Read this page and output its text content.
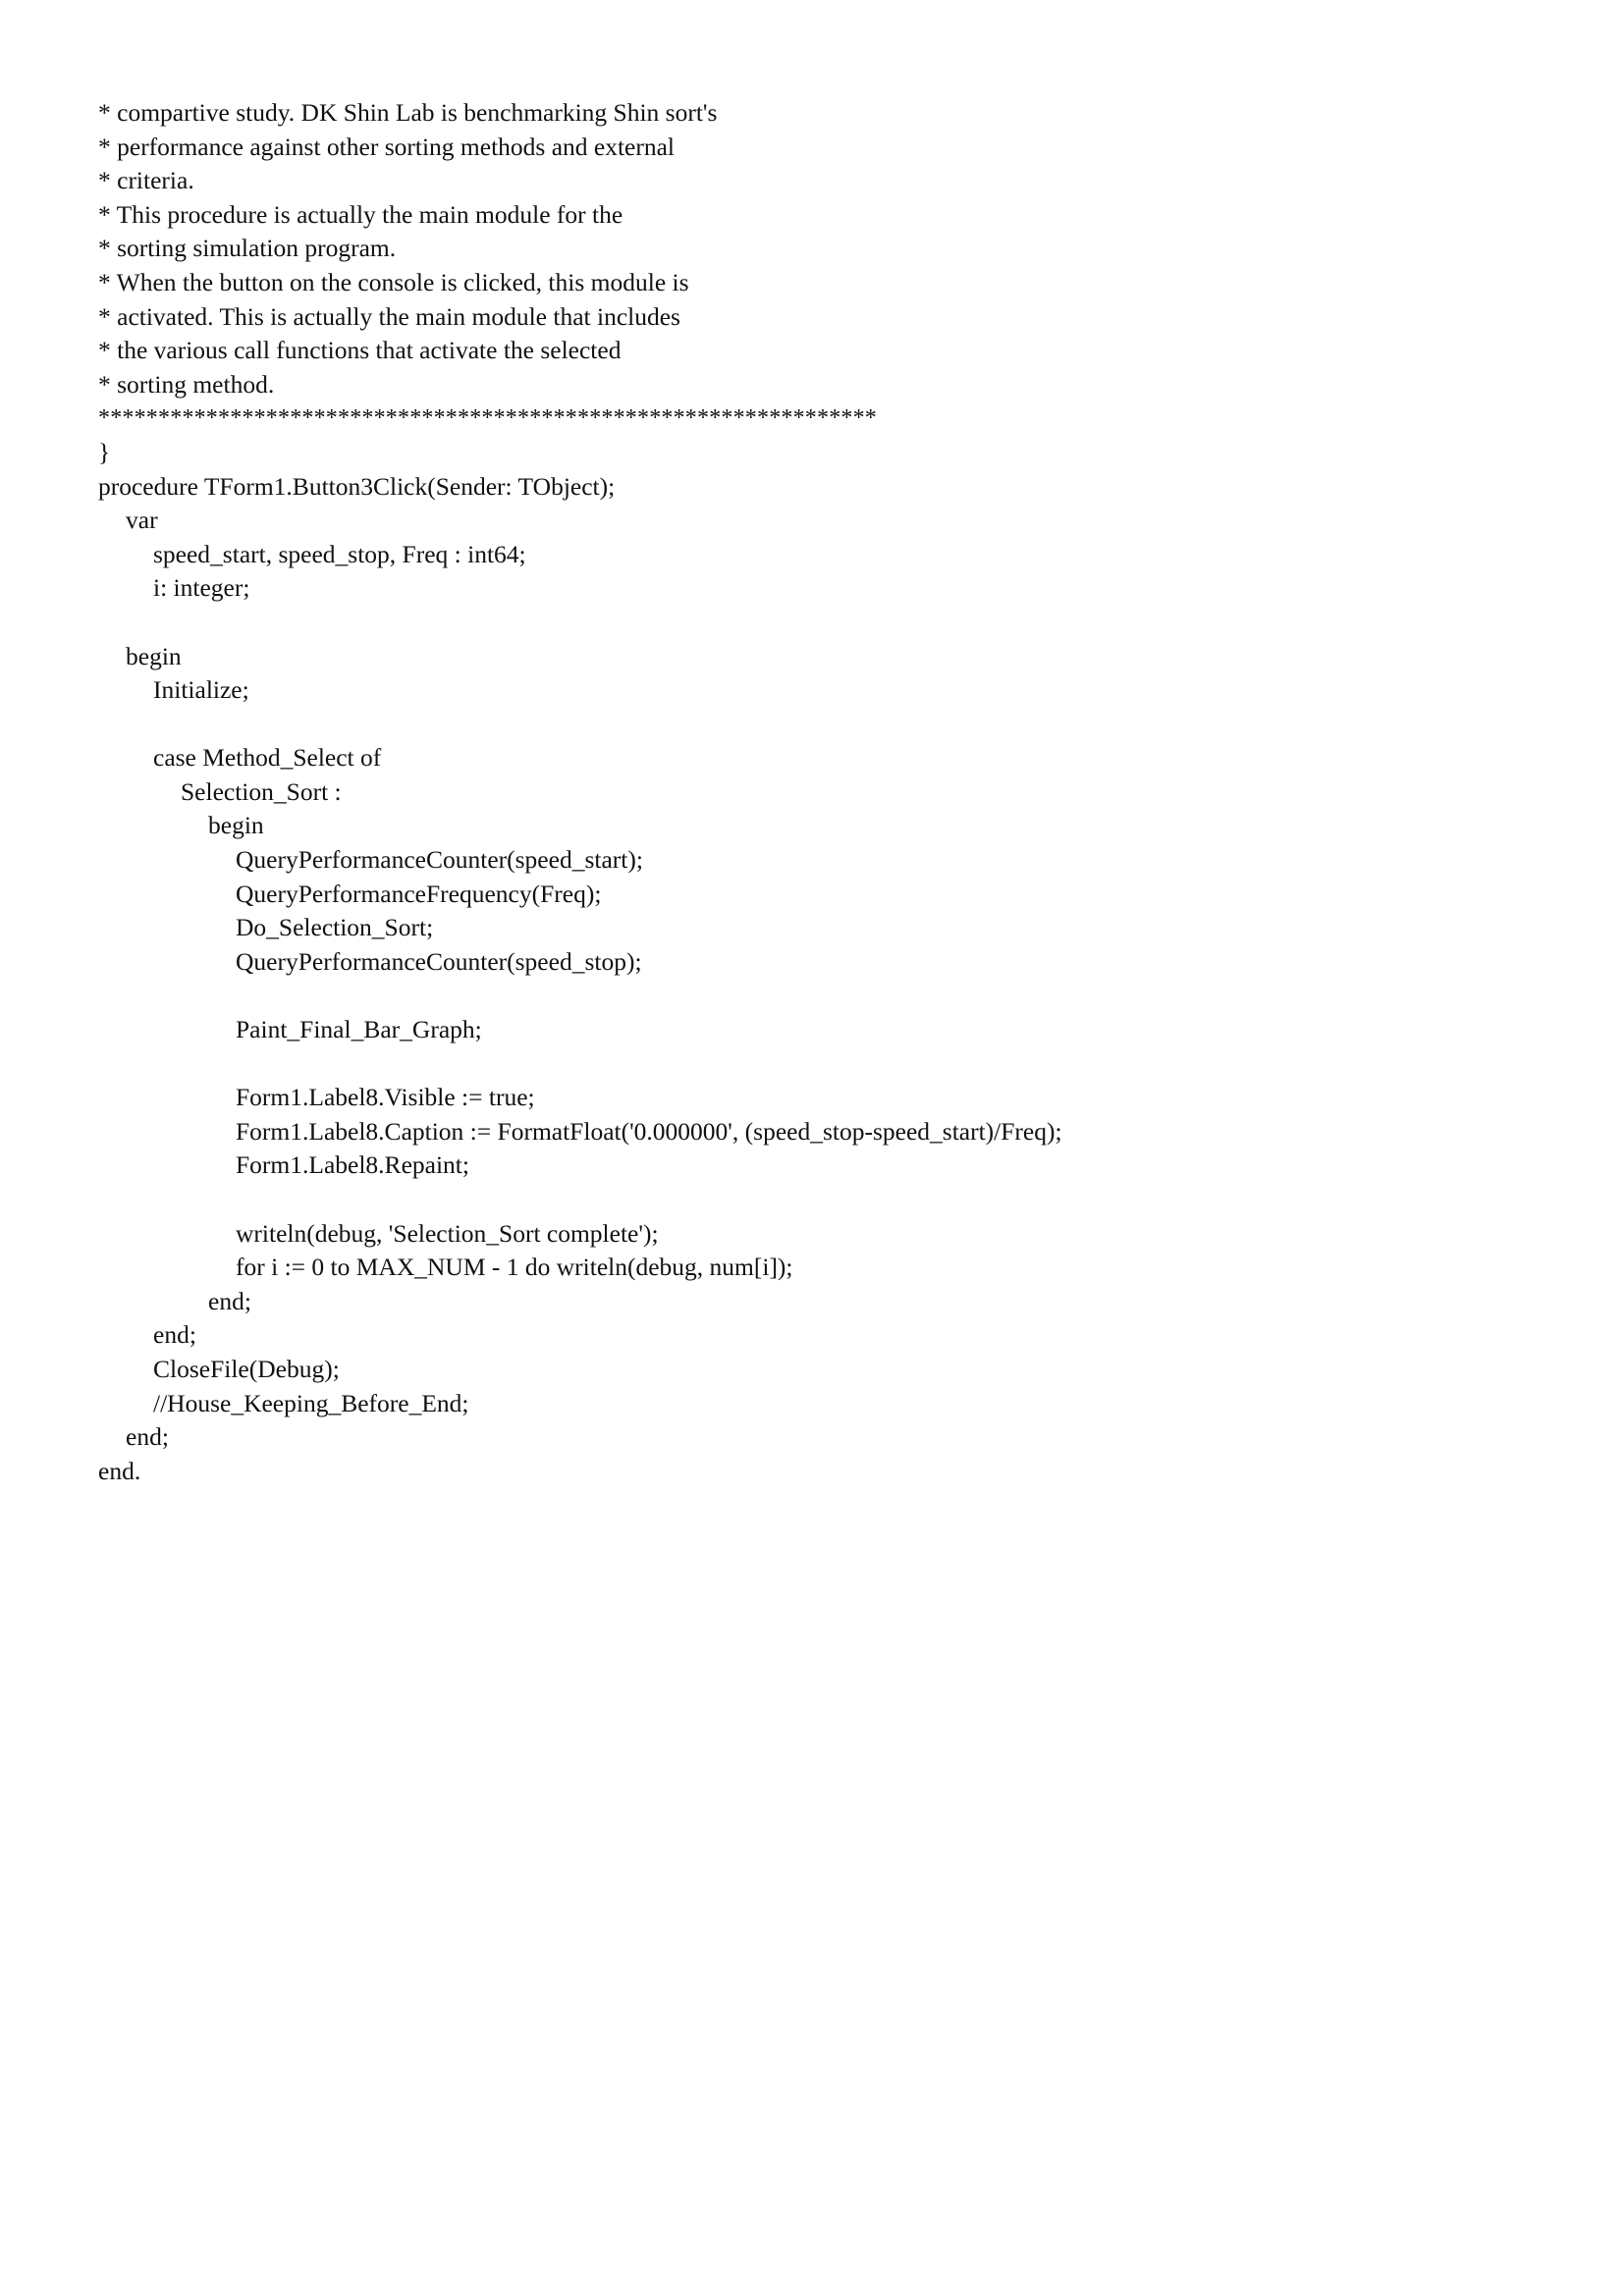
* compartive study. DK Shin Lab is benchmarking Shin sort's
* performance against other sorting methods and external
* criteria.
* This procedure is actually the main module for the
* sorting simulation program.
* When the button on the console is clicked, this module is
* activated. This is actually the main module that includes
* the various call functions that activate the selected
* sorting method.
*****************************************************************
}
procedure TForm1.Button3Click(Sender: TObject);
var
speed_start, speed_stop, Freq : int64;
i: integer;
begin
Initialize;
case Method_Select of
Selection_Sort :
begin
QueryPerformanceCounter(speed_start);
QueryPerformanceFrequency(Freq);
Do_Selection_Sort;
QueryPerformanceCounter(speed_stop);
Paint_Final_Bar_Graph;
Form1.Label8.Visible := true;
Form1.Label8.Caption := FormatFloat('0.000000', (speed_stop-speed_start)/Freq);
Form1.Label8.Repaint;
writeln(debug, 'Selection_Sort complete');
for i := 0 to MAX_NUM - 1 do writeln(debug, num[i]);
end;
end;
CloseFile(Debug);
//House_Keeping_Before_End;
end;
end.
